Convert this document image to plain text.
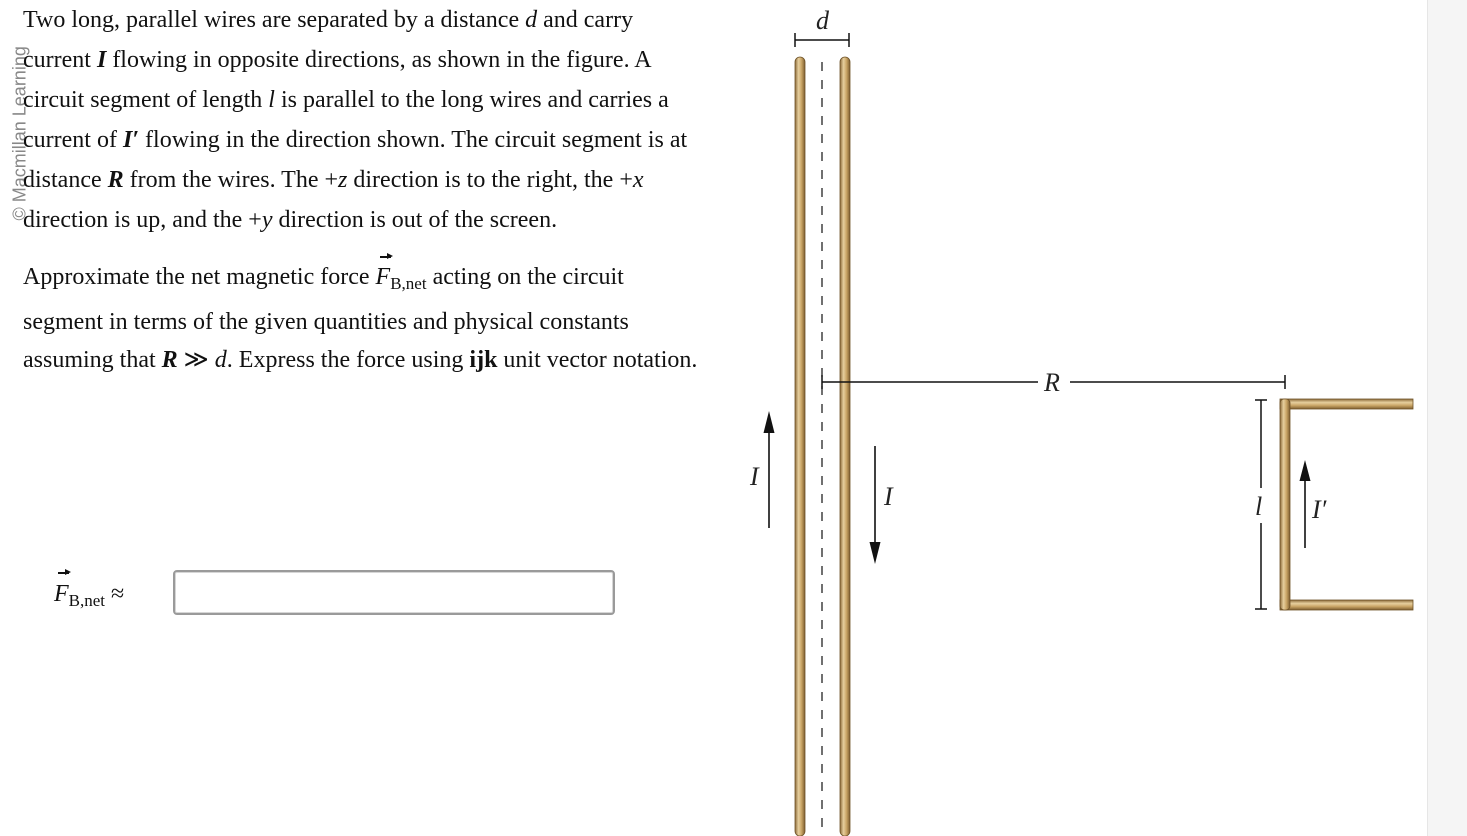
© Macmillan Learning

Two long, parallel wires are separated by a distance d and carry current I flowing in opposite directions, as shown in the figure. A circuit segment of length l is parallel to the long wires and carries a current of I′ flowing in the direction shown. The circuit segment is at distance R from the wires. The +z direction is to the right, the +x direction is up, and the +y direction is out of the screen.

Approximate the net magnetic force $F_{B,net}$ acting on the circuit segment in terms of the given quantities and physical constants assuming that R ≫ d. Express the force using ijk unit vector notation.

$F_{B,net}$ ≈
d
R
I
I	l I′
